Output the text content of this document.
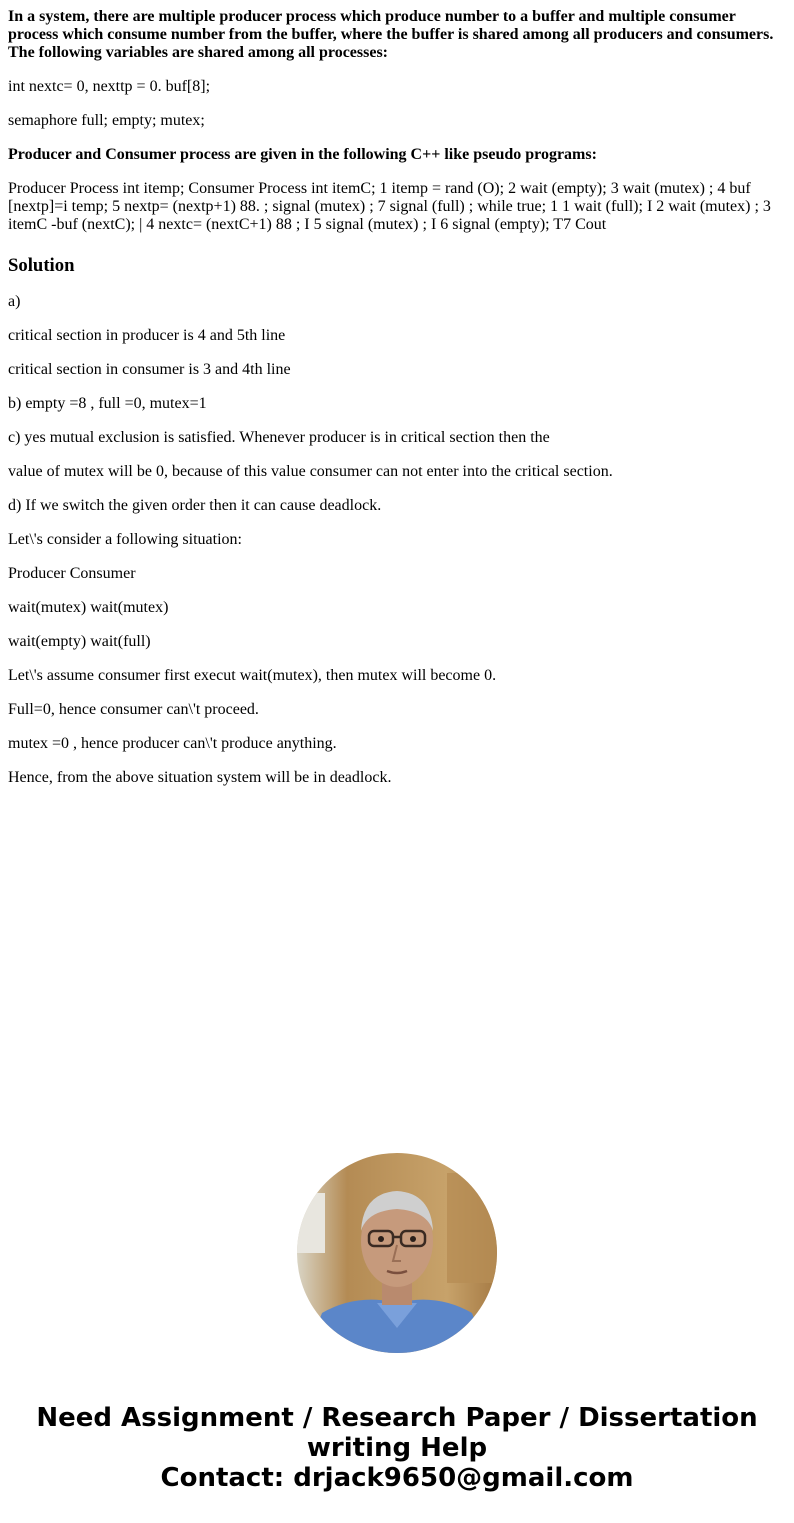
In a system, there are multiple producer process which produce number to a buffer and multiple consumer process which consume number from the buffer, where the buffer is shared among all producers and consumers. The following variables are shared among all processes:
int nextc= 0, nexttp = 0. buf[8];
semaphore full; empty; mutex;
Producer and Consumer process are given in the following C++ like pseudo programs:
Producer Process int itemp; Consumer Process int itemC; 1 itemp = rand (O); 2 wait (empty); 3 wait (mutex) ; 4 buf [nextp]=i temp; 5 nextp= (nextp+1) 88. ; signal (mutex) ; 7 signal (full) ; while true; 1 1 wait (full); I 2 wait (mutex) ; 3 itemC -buf (nextC); | 4 nextc= (nextC+1) 88 ; I 5 signal (mutex) ; I 6 signal (empty); T7 Cout
Solution
a)
critical section in producer is 4 and 5th line
critical section in consumer is 3 and 4th line
b) empty =8 , full =0, mutex=1
c) yes mutual exclusion is satisfied. Whenever producer is in critical section then the
value of mutex will be 0, because of this value consumer can not enter into the critical section.
d) If we switch the given order then it can cause deadlock.
Let\'s consider a following situation:
Producer Consumer
wait(mutex) wait(mutex)
wait(empty) wait(full)
Let\'s assume consumer first execut wait(mutex), then mutex will become 0.
Full=0, hence consumer can\'t proceed.
mutex =0 , hence producer can\'t produce anything.
Hence, from the above situation system will be in deadlock.
Need Assignment / Research Paper / Dissertation
writing Help
Contact: drjack9650@gmail.com
